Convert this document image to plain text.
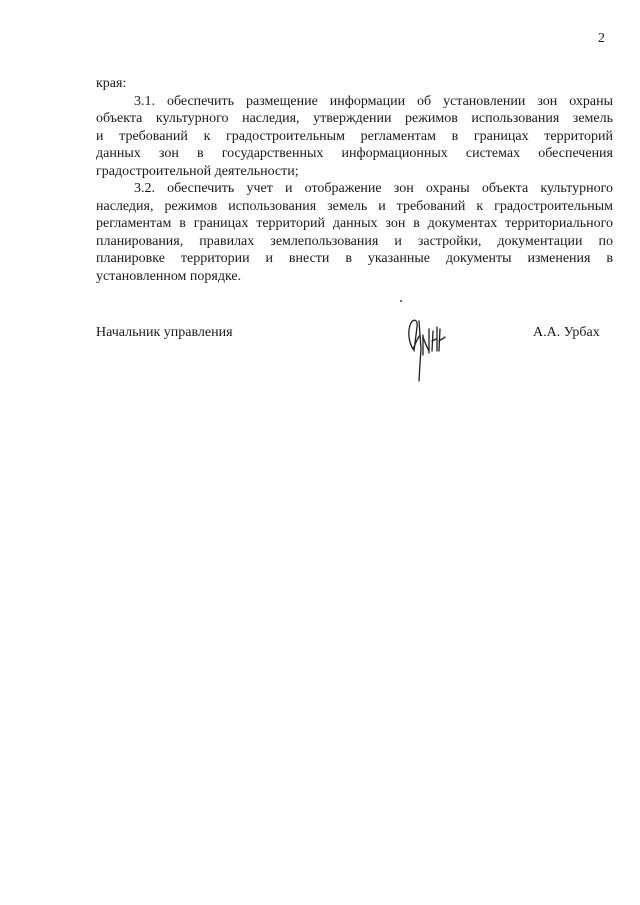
2
края:
3.1. обеспечить размещение информации об установлении зон охраны
объекта культурного наследия, утверждении режимов использования земель
и требований к градостроительным регламентам в границах территорий
данных зон в государственных информационных системах обеспечения
градостроительной деятельности;
3.2. обеспечить учет и отображение зон охраны объекта культурного
наследия, режимов использования земель и требований к градостроительным
регламентам в границах территорий данных зон в документах территориального
планирования, правилах землепользования и застройки, документации по
планировке территории и внести в указанные документы изменения в
установленном порядке.
Начальник управления	А.А. Урбах
